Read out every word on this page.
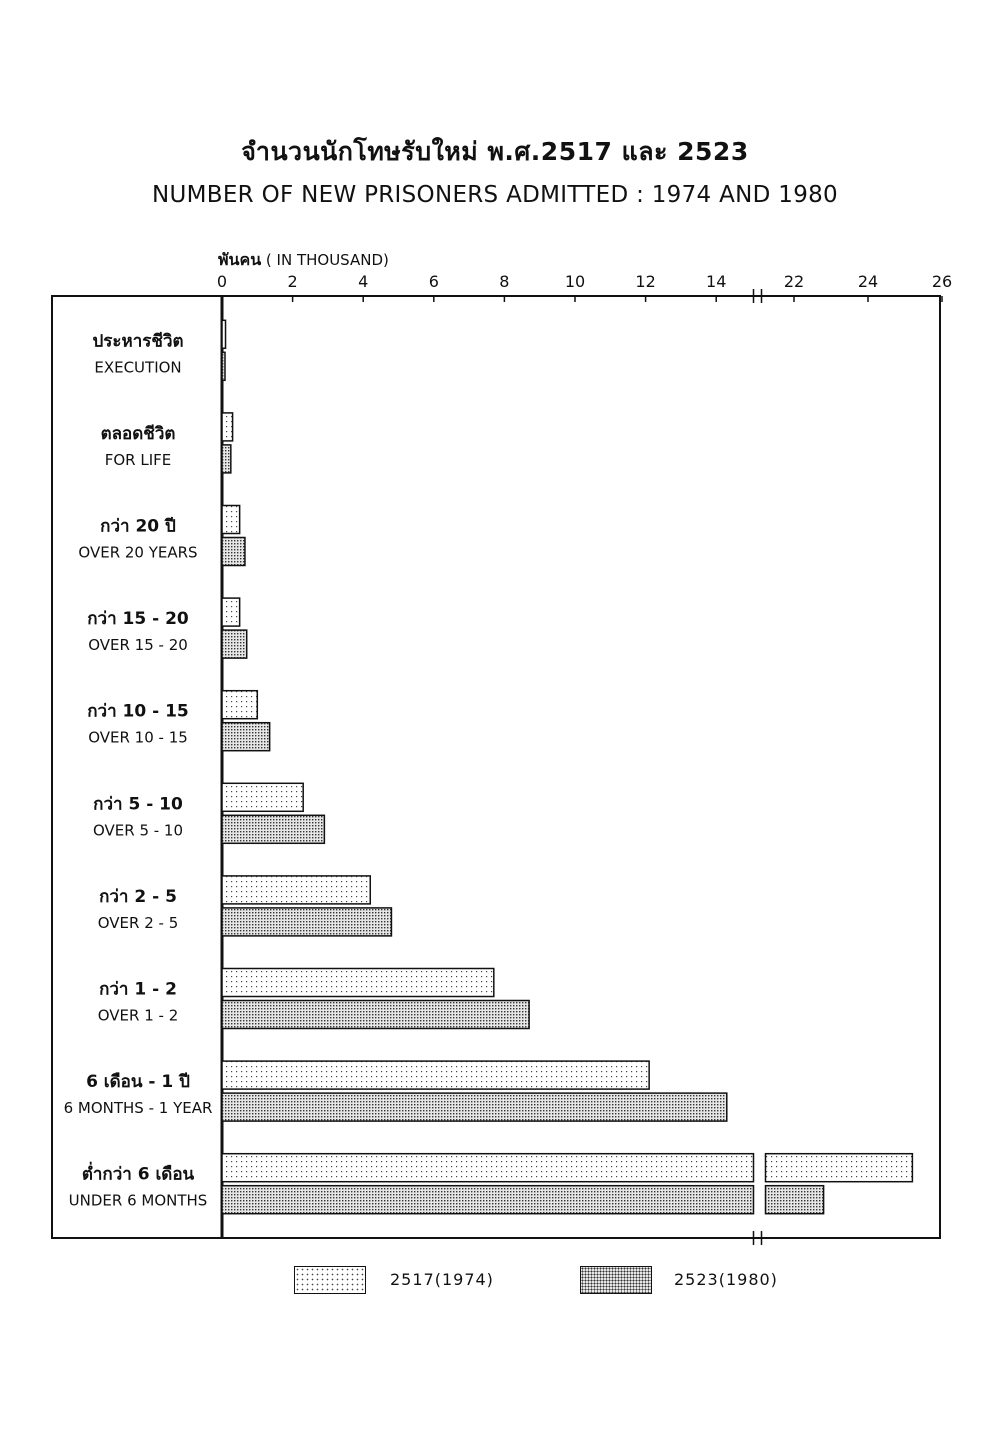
จำนวนนักโทษรับใหม่ พ.ศ.2517 และ 2523
NUMBER OF NEW PRISONERS ADMITTED : 1974 AND 1980
พันคน ( IN THOUSAND)
0	2	4	6	8	10	12	14	22	24	26
ประหารชีวิต
EXECUTION
ตลอดชีวิต
FOR LIFE
กว่า 20 ปี
OVER 20 YEARS
กว่า 15 - 20
OVER 15 - 20
กว่า 10 - 15
OVER 10 - 15
กว่า 5 - 10
OVER 5 - 10
กว่า 2 - 5
OVER 2 - 5
กว่า 1 - 2
OVER 1 - 2
6 เดือน - 1 ปี
6 MONTHS - 1 YEAR
ต่ำกว่า 6 เดือน
UNDER 6 MONTHS
2517(1974)	2523(1980)
